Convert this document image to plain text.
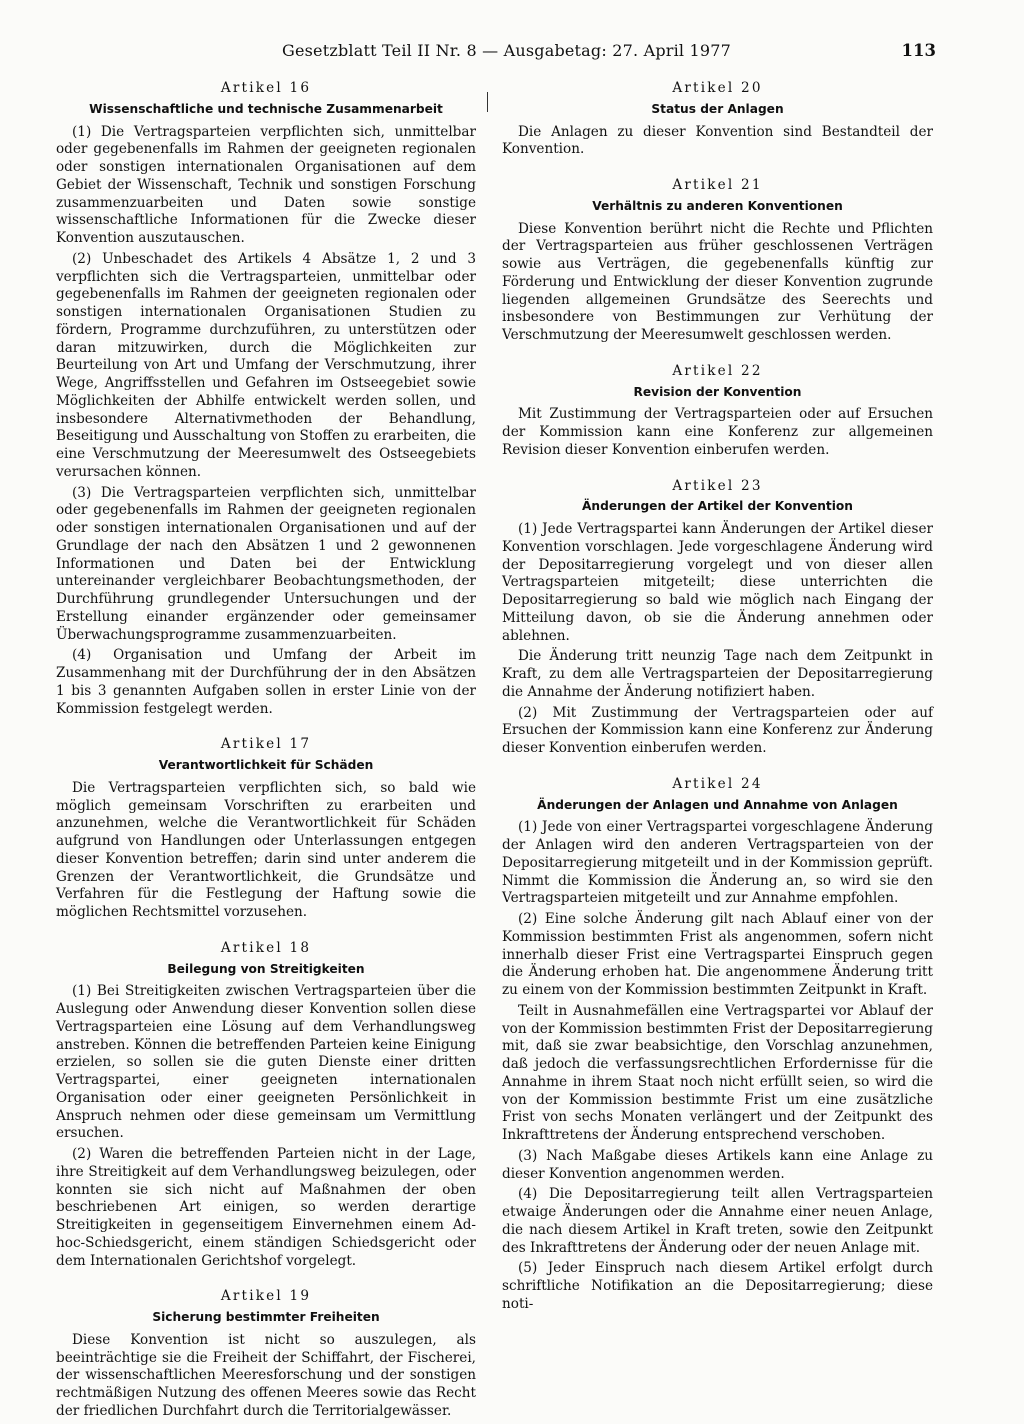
Gesetzblatt Teil II Nr. 8 — Ausgabetag: 27. April 1977	113
Artikel 16
Wissenschaftliche und technische Zusammenarbeit

(1) Die Vertragsparteien verpflichten sich, unmittelbar oder gegebenenfalls im Rahmen der geeigneten regionalen oder sonstigen internationalen Organisationen auf dem Gebiet der Wissenschaft, Technik und sonstigen Forschung zusammenzuarbeiten und Daten sowie sonstige wissenschaftliche Informationen für die Zwecke dieser Konvention auszutauschen.

(2) Unbeschadet des Artikels 4 Absätze 1, 2 und 3 verpflichten sich die Vertragsparteien, unmittelbar oder gegebenenfalls im Rahmen der geeigneten regionalen oder sonstigen internationalen Organisationen Studien zu fördern, Programme durchzuführen, zu unterstützen oder daran mitzuwirken, durch die Möglichkeiten zur Beurteilung von Art und Umfang der Verschmutzung, ihrer Wege, Angriffsstellen und Gefahren im Ostseegebiet sowie Möglichkeiten der Abhilfe entwickelt werden sollen, und insbesondere Alternativmethoden der Behandlung, Beseitigung und Ausschaltung von Stoffen zu erarbeiten, die eine Verschmutzung der Meeresumwelt des Ostseegebiets verursachen können.

(3) Die Vertragsparteien verpflichten sich, unmittelbar oder gegebenenfalls im Rahmen der geeigneten regionalen oder sonstigen internationalen Organisationen und auf der Grundlage der nach den Absätzen 1 und 2 gewonnenen Informationen und Daten bei der Entwicklung untereinander vergleichbarer Beobachtungsmethoden, der Durchführung grundlegender Untersuchungen und der Erstellung einander ergänzender oder gemeinsamer Überwachungsprogramme zusammenzuarbeiten.

(4) Organisation und Umfang der Arbeit im Zusammenhang mit der Durchführung der in den Absätzen 1 bis 3 genannten Aufgaben sollen in erster Linie von der Kommission festgelegt werden.

Artikel 17
Verantwortlichkeit für Schäden

Die Vertragsparteien verpflichten sich, so bald wie möglich gemeinsam Vorschriften zu erarbeiten und anzunehmen, welche die Verantwortlichkeit für Schäden aufgrund von Handlungen oder Unterlassungen entgegen dieser Konvention betreffen; darin sind unter anderem die Grenzen der Verantwortlichkeit, die Grundsätze und Verfahren für die Festlegung der Haftung sowie die möglichen Rechtsmittel vorzusehen.

Artikel 18
Beilegung von Streitigkeiten

(1) Bei Streitigkeiten zwischen Vertragsparteien über die Auslegung oder Anwendung dieser Konvention sollen diese Vertragsparteien eine Lösung auf dem Verhandlungsweg anstreben. Können die betreffenden Parteien keine Einigung erzielen, so sollen sie die guten Dienste einer dritten Vertragspartei, einer geeigneten internationalen Organisation oder einer geeigneten Persönlichkeit in Anspruch nehmen oder diese gemeinsam um Vermittlung ersuchen.

(2) Waren die betreffenden Parteien nicht in der Lage, ihre Streitigkeit auf dem Verhandlungsweg beizulegen, oder konnten sie sich nicht auf Maßnahmen der oben beschriebenen Art einigen, so werden derartige Streitigkeiten in gegenseitigem Einvernehmen einem Ad-hoc-Schiedsgericht, einem ständigen Schiedsgericht oder dem Internationalen Gerichtshof vorgelegt.

Artikel 19
Sicherung bestimmter Freiheiten

Diese Konvention ist nicht so auszulegen, als beeinträchtige sie die Freiheit der Schiffahrt, der Fischerei, der wissenschaftlichen Meeresforschung und der sonstigen rechtmäßigen Nutzung des offenen Meeres sowie das Recht der friedlichen Durchfahrt durch die Territorialgewässer.

Artikel 20
Status der Anlagen

Die Anlagen zu dieser Konvention sind Bestandteil der Konvention.

Artikel 21
Verhältnis zu anderen Konventionen

Diese Konvention berührt nicht die Rechte und Pflichten der Vertragsparteien aus früher geschlossenen Verträgen sowie aus Verträgen, die gegebenenfalls künftig zur Förderung und Entwicklung der dieser Konvention zugrunde liegenden allgemeinen Grundsätze des Seerechts und insbesondere von Bestimmungen zur Verhütung der Verschmutzung der Meeresumwelt geschlossen werden.

Artikel 22
Revision der Konvention

Mit Zustimmung der Vertragsparteien oder auf Ersuchen der Kommission kann eine Konferenz zur allgemeinen Revision dieser Konvention einberufen werden.

Artikel 23
Änderungen der Artikel der Konvention

(1) Jede Vertragspartei kann Änderungen der Artikel dieser Konvention vorschlagen. Jede vorgeschlagene Änderung wird der Depositarregierung vorgelegt und von dieser allen Vertragsparteien mitgeteilt; diese unterrichten die Depositarregierung so bald wie möglich nach Eingang der Mitteilung davon, ob sie die Änderung annehmen oder ablehnen.

Die Änderung tritt neunzig Tage nach dem Zeitpunkt in Kraft, zu dem alle Vertragsparteien der Depositarregierung die Annahme der Änderung notifiziert haben.

(2) Mit Zustimmung der Vertragsparteien oder auf Ersuchen der Kommission kann eine Konferenz zur Änderung dieser Konvention einberufen werden.

Artikel 24
Änderungen der Anlagen und Annahme von Anlagen

(1) Jede von einer Vertragspartei vorgeschlagene Änderung der Anlagen wird den anderen Vertragsparteien von der Depositarregierung mitgeteilt und in der Kommission geprüft. Nimmt die Kommission die Änderung an, so wird sie den Vertragsparteien mitgeteilt und zur Annahme empfohlen.

(2) Eine solche Änderung gilt nach Ablauf einer von der Kommission bestimmten Frist als angenommen, sofern nicht innerhalb dieser Frist eine Vertragspartei Einspruch gegen die Änderung erhoben hat. Die angenommene Änderung tritt zu einem von der Kommission bestimmten Zeitpunkt in Kraft.

Teilt in Ausnahmefällen eine Vertragspartei vor Ablauf der von der Kommission bestimmten Frist der Depositarregierung mit, daß sie zwar beabsichtige, den Vorschlag anzunehmen, daß jedoch die verfassungsrechtlichen Erfordernisse für die Annahme in ihrem Staat noch nicht erfüllt seien, so wird die von der Kommission bestimmte Frist um eine zusätzliche Frist von sechs Monaten verlängert und der Zeitpunkt des Inkrafttretens der Änderung entsprechend verschoben.

(3) Nach Maßgabe dieses Artikels kann eine Anlage zu dieser Konvention angenommen werden.

(4) Die Depositarregierung teilt allen Vertragsparteien etwaige Änderungen oder die Annahme einer neuen Anlage, die nach diesem Artikel in Kraft treten, sowie den Zeitpunkt des Inkrafttretens der Änderung oder der neuen Anlage mit.

(5) Jeder Einspruch nach diesem Artikel erfolgt durch schriftliche Notifikation an die Depositarregierung; diese noti-
